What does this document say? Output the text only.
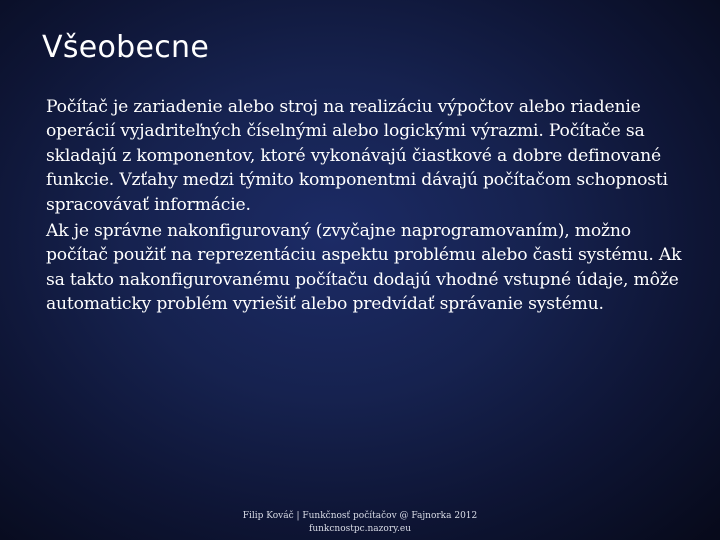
Všeobecne

Počítač je zariadenie alebo stroj na realizáciu výpočtov alebo riadenie operácií vyjadriteľných číselnými alebo logickými výrazmi. Počítače sa skladajú z komponentov, ktoré vykonávajú čiastkové a dobre definované funkcie. Vzťahy medzi týmito komponentmi dávajú počítačom schopnosti spracovávať informácie.

Ak je správne nakonfigurovaný (zvyčajne naprogramovaním), možno počítač použiť na reprezentáciu aspektu problému alebo časti systému. Ak sa takto nakonfigurovanému počítaču dodajú vhodné vstupné údaje, môže automaticky problém vyriešiť alebo predvídať správanie systému.

Filip Kováč | Funkčnosť počítačov @ Fajnorka 2012
funkcnostpc.nazory.eu
